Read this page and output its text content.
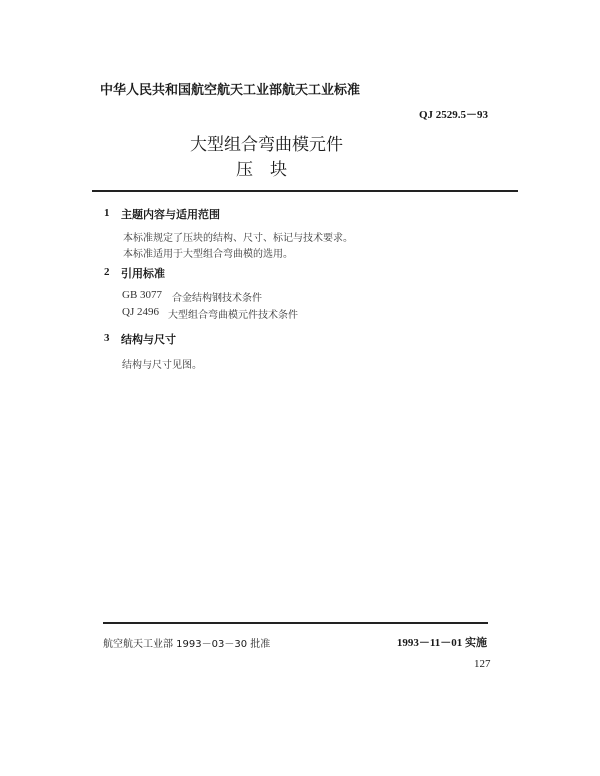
中华人民共和国航空航天工业部航天工业标准
QJ 2529.5－93
大型组合弯曲模元件
压　块
1 主题内容与适用范围
本标准规定了压块的结构、尺寸、标记与技术要求。
本标准适用于大型组合弯曲模的选用。
2 引用标准
GB 3077 合金结构钢技术条件
QJ 2496 大型组合弯曲模元件技术条件
3 结构与尺寸
结构与尺寸见图。
航空航天工业部 1993－03－30 批准	1993－11－01 实施
127
